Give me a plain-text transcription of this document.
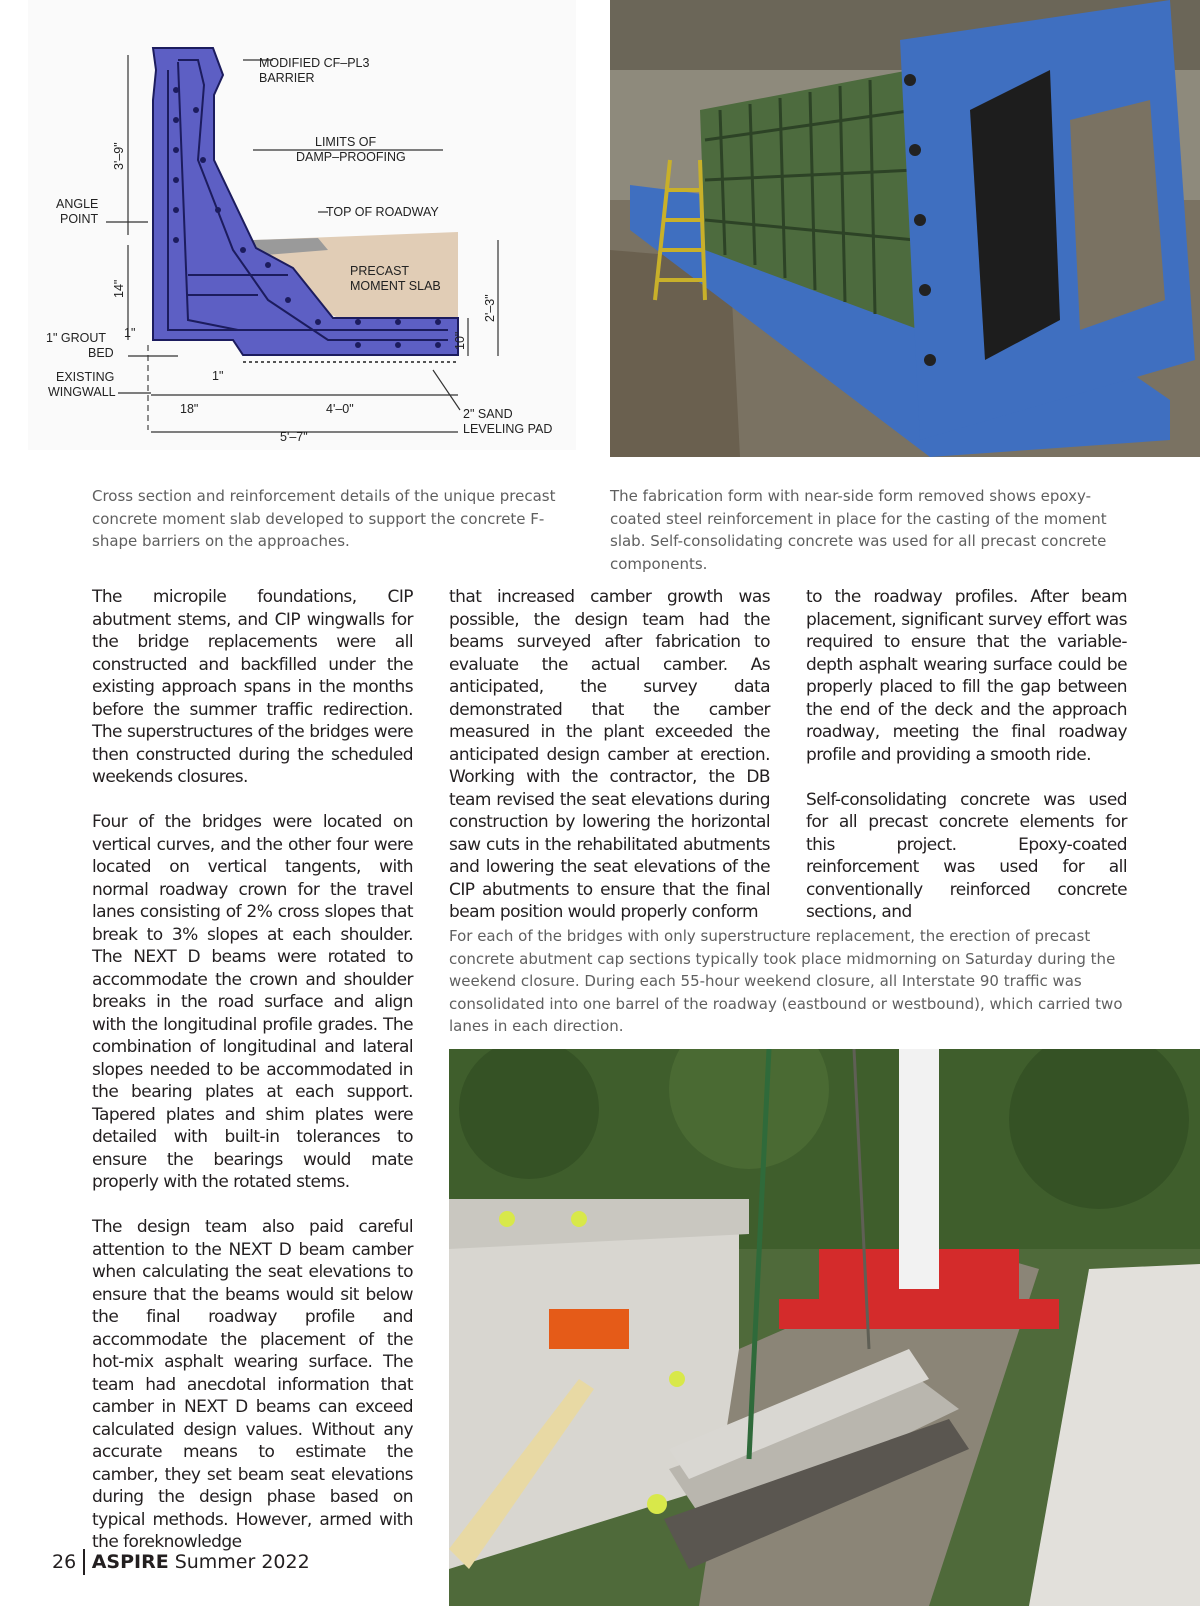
MODIFIED CF–PL3
BARRIER
LIMITS OF
DAMP–PROOFING
TOP OF ROADWAY
ANGLE
POINT
PRECAST
MOMENT SLAB
1" GROUT
BED
EXISTING
WINGWALL
2" SAND
LEVELING PAD
3'–9"
14"
2'–3"
10"
1"
1"
18"	4'–0"
5'–7"

Cross section and reinforcement details of the unique precast concrete moment slab developed to support the concrete F-shape barriers on the approaches.

The fabrication form with near-side form removed shows epoxy-coated steel reinforcement in place for the casting of the moment slab. Self-consolidating concrete was used for all precast concrete components.

The micropile foundations, CIP abutment stems, and CIP wingwalls for the bridge replacements were all constructed and backfilled under the existing approach spans in the months before the summer traffic redirection. The superstructures of the bridges were then constructed during the scheduled weekends closures.

Four of the bridges were located on vertical curves, and the other four were located on vertical tangents, with normal roadway crown for the travel lanes consisting of 2% cross slopes that break to 3% slopes at each shoulder. The NEXT D beams were rotated to accommodate the crown and shoulder breaks in the road surface and align with the longitudinal profile grades. The combination of longitudinal and lateral slopes needed to be accommodated in the bearing plates at each support. Tapered plates and shim plates were detailed with built-in tolerances to ensure the bearings would mate properly with the rotated stems.

The design team also paid careful attention to the NEXT D beam camber when calculating the seat elevations to ensure that the beams would sit below the final roadway profile and accommodate the placement of the hot-mix asphalt wearing surface. The team had anecdotal information that camber in NEXT D beams can exceed calculated design values. Without any accurate means to estimate the camber, they set beam seat elevations during the design phase based on typical methods. However, armed with the foreknowledge

that increased camber growth was possible, the design team had the beams surveyed after fabrication to evaluate the actual camber. As anticipated, the survey data demonstrated that the camber measured in the plant exceeded the anticipated design camber at erection. Working with the contractor, the DB team revised the seat elevations during construction by lowering the horizontal saw cuts in the rehabilitated abutments and lowering the seat elevations of the CIP abutments to ensure that the final beam position would properly conform

to the roadway profiles. After beam placement, significant survey effort was required to ensure that the variable-depth asphalt wearing surface could be properly placed to fill the gap between the end of the deck and the approach roadway, meeting the final roadway profile and providing a smooth ride.

Self-consolidating concrete was used for all precast concrete elements for this project. Epoxy-coated reinforcement was used for all conventionally reinforced concrete sections, and

For each of the bridges with only superstructure replacement, the erection of precast concrete abutment cap sections typically took place midmorning on Saturday during the weekend closure. During each 55-hour weekend closure, all Interstate 90 traffic was consolidated into one barrel of the roadway (eastbound or westbound), which carried two lanes in each direction.

26 ASPIRE Summer 2022
